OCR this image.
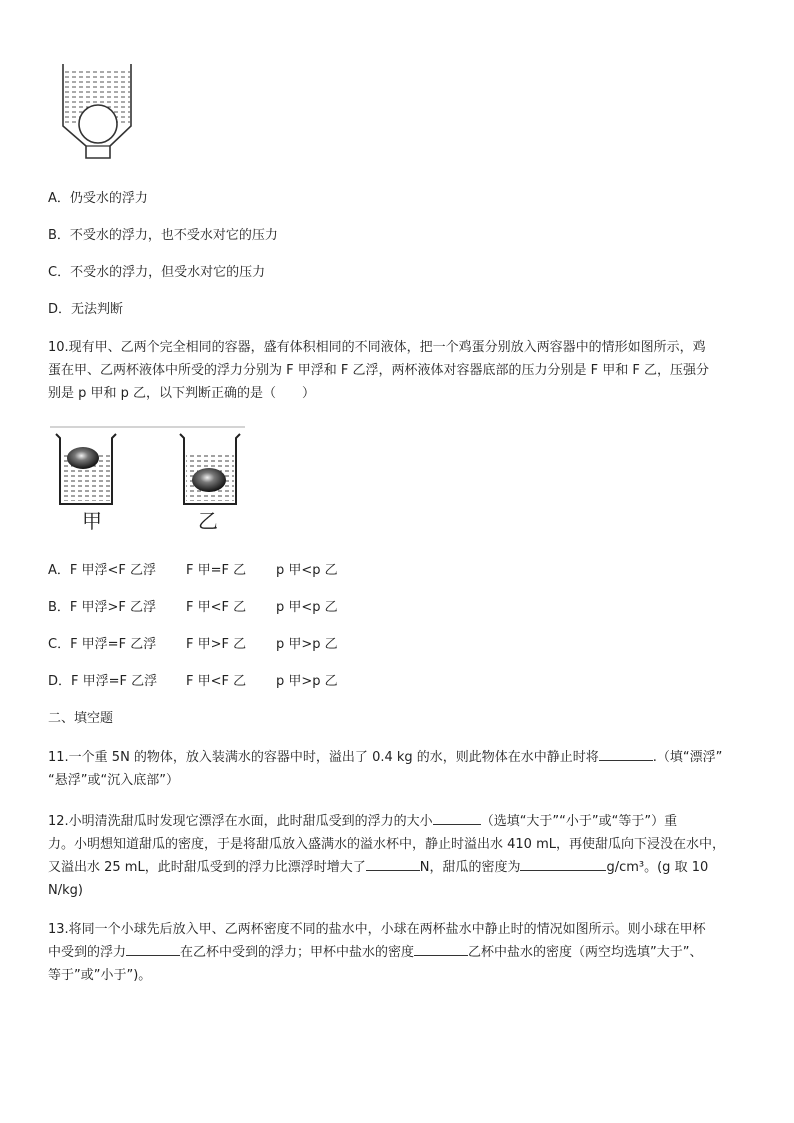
A．仍受水的浮力
B．不受水的浮力，也不受水对它的压力
C．不受水的浮力，但受水对它的压力
D．无法判断
10.现有甲、乙两个完全相同的容器，盛有体积相同的不同液体，把一个鸡蛋分别放入两容器中的情形如图所示，鸡
蛋在甲、乙两杯液体中所受的浮力分别为 F 甲浮和 F 乙浮，两杯液体对容器底部的压力分别是 F 甲和 F 乙，压强分
别是 p 甲和 p 乙，以下判断正确的是（　　）
甲	乙
A．F 甲浮<F 乙浮 F 甲=F 乙 p 甲<p 乙
B．F 甲浮>F 乙浮 F 甲<F 乙 p 甲<p 乙
C．F 甲浮=F 乙浮 F 甲>F 乙 p 甲>p 乙
D．F 甲浮=F 乙浮 F 甲<F 乙 p 甲>p 乙
二、填空题
11.一个重 5N 的物体，放入装满水的容器中时，溢出了 0.4 kg 的水，则此物体在水中静止时将	.（填“漂浮”
“悬浮”或“沉入底部”）
12.小明清洗甜瓜时发现它漂浮在水面，此时甜瓜受到的浮力的大小	（选填“大于”“小于”或“等于”）重
力。小明想知道甜瓜的密度，于是将甜瓜放入盛满水的溢水杯中，静止时溢出水 410 mL，再使甜瓜向下浸没在水中，
又溢出水 25 mL，此时甜瓜受到的浮力比漂浮时增大了	N，甜瓜的密度为	g/cm³。(g 取 10
N/kg)
13.将同一个小球先后放入甲、乙两杯密度不同的盐水中，小球在两杯盐水中静止时的情况如图所示。则小球在甲杯
中受到的浮力	在乙杯中受到的浮力；甲杯中盐水的密度	乙杯中盐水的密度（两空均选填”大于”、
等于”或”小于”)。
